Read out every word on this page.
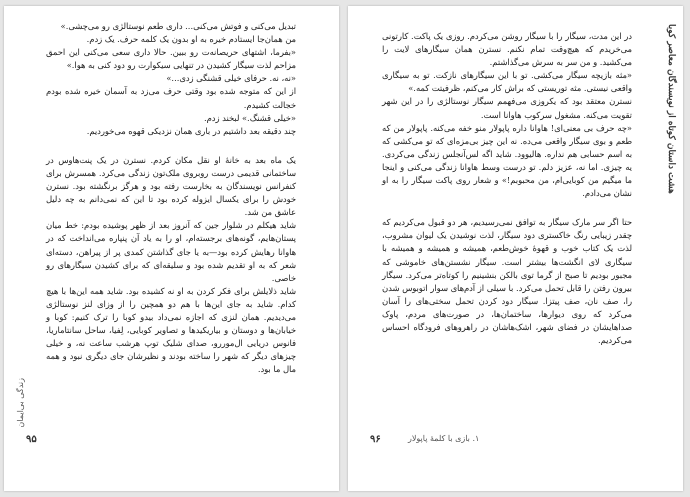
تبدیل می‌کنی و فوتش می‌کنی... داری طعم نوستالژی رو می‌چشی.»

من همان‌جا ایستادم خیره به او بدون یک کلمه حرف. یک زدم.

«بفرما، اشتهای حریصانه‌ت رو ببین. حالا داری سعی می‌کنی این احمق مزاحم لذت سیگار کشیدن در تنهایی سیکوارت رو دود کنی به هوا.»

«نه، نه. حرفای خیلی قشنگی زدی...»

از این که متوجه شده بود وقتی حرف می‌زد به آسمان خیره شده بودم خجالت کشیدم.

«خیلی قشنگ.» لبخند زدم.

چند دقیقه بعد داشتیم در باری همان نزدیکی قهوه می‌خوردیم.

یک ماه بعد به خانهٔ او نقل مکان کردم. نسترن در یک پنت‌هاوس در ساختمانی قدیمی درست روبروی ملک‌تون زندگی می‌کرد. همسرش برای کنفرانس نویسندگان به بخارست رفته بود و هرگز برنگشته بود. نسترن خودش را برای یکسال ایزوله کرده بود تا این که نمی‌دانم به چه دلیل عاشق من شد.

شاید هیکلم در شلوار جین که آنروز بعد از ظهر پوشیده بودم: خط میان پستان‌هایم، گونه‌های برجسته‌ام، او را به یاد آن پنپاره می‌انداخت که در هاوانا رهایش کرده بود—به یا جای گذاشتن کمدی پر از پیراهن، دسته‌ای شعر که به او تقدیم شده بود و سلیقه‌ای که برای کشیدن سیگارهای رو خاصی.

شاید ذلایلش برای فکر کردن به او نه کشیده بود. شاید همه این‌ها با هیچ کدام. شاید به جای این‌ها با هم دو همچین را از وزای لنز نوستالژی می‌دیدیم. همان لنزی که اجازه نمی‌داد بیدو کوبا را ترک کنیم: کوبا و خیابان‌ها و دوستان و بیاریکیدها و تصاویر کوبایی، لِفیا، ساحل سانتاماریا، فانوس دریایی ال‌موررو، صدای شلیک توپ هرشب ساعت نه، و خیلی چیزهای دیگر که شهر را ساخته بودند و نظیرشان جای دیگری نبود و همه مال ما بود.

زندگی بی‌ایمان
۹۵

در این مدت، سیگار را با سیگار روشن می‌کردم. روزی یک پاکت. کارتونی می‌خریدم که هیچ‌وقت تمام نکنم. نسترن همان سیگارهای لایت را می‌کشید. و من سر به سرش می‌گذاشتم.

«مثه بازیچه سیگار می‌کشی. تو با این سیگارهای نازکت. تو به سیگاری واقعی نیستی. مثه توریستی که براش کار می‌کنم، ظرفیتت کمه.»

نسترن معتقد بود که یکروزی می‌فهمم سیگار نوستالژی را در این شهر تقویت می‌کنه. مشغول سرکوب هاوانا است.

«چه حرف بی معنی‌ای! هاوانا داره پاپولار منو خفه می‌کنه. پاپولار من که طعم و بوی سیگار واقعی می‌ده. نه این چیز بی‌مزه‌ای که تو می‌کشی که به اسم حسابی هم نداره. هالیوود. شاید اگه لس‌آنجلس زندگی می‌کردی. یه چیزی. اما نه، عزیز دلم. تو درست وسط هاوانا زندگی می‌کنی و اینجا ما میگیم من کوبایی‌ام، من محبوبم!» و شعار روی پاکت سیگار را به او نشان می‌دادم.

حتا اگر سر مارک سیگار به توافق نمی‌رسیدیم، هر دو قبول می‌کردیم که چقدر زیبایی رنگ خاکستری دود سیگار، لذت نوشیدن یک لیوان مشروب، لذت یک کتاب خوب و قهوهٔ خوش‌طعم، همیشه و همیشه و همیشه با سیگاری لای انگشت‌ها بیشتر است. سیگار نشستن‌های خاموشی که مجبور بودیم تا صبح از گرما توی بالکن بنشینیم را کوتاه‌تر می‌کرد. سیگار بیرون رفتن را قابل تحمل می‌کرد. با سیلی از آدم‌های سوار اتوبوس شدن را، صف نان، صف پیتزا. سیگار دود کردن تحمل سختی‌های را آسان می‌کرد که روی دیوارها، ساختمان‌ها، در صورت‌های مردم، پاوک صداهایشان در فضای شهر، اشک‌هاشان در راهروهای فرودگاه احساس می‌کردیم.

هشت داستان کوتاه از نویسندگان معاصر کوبا
۱. بازی با کلمهٔ پاپولار
۹۶
